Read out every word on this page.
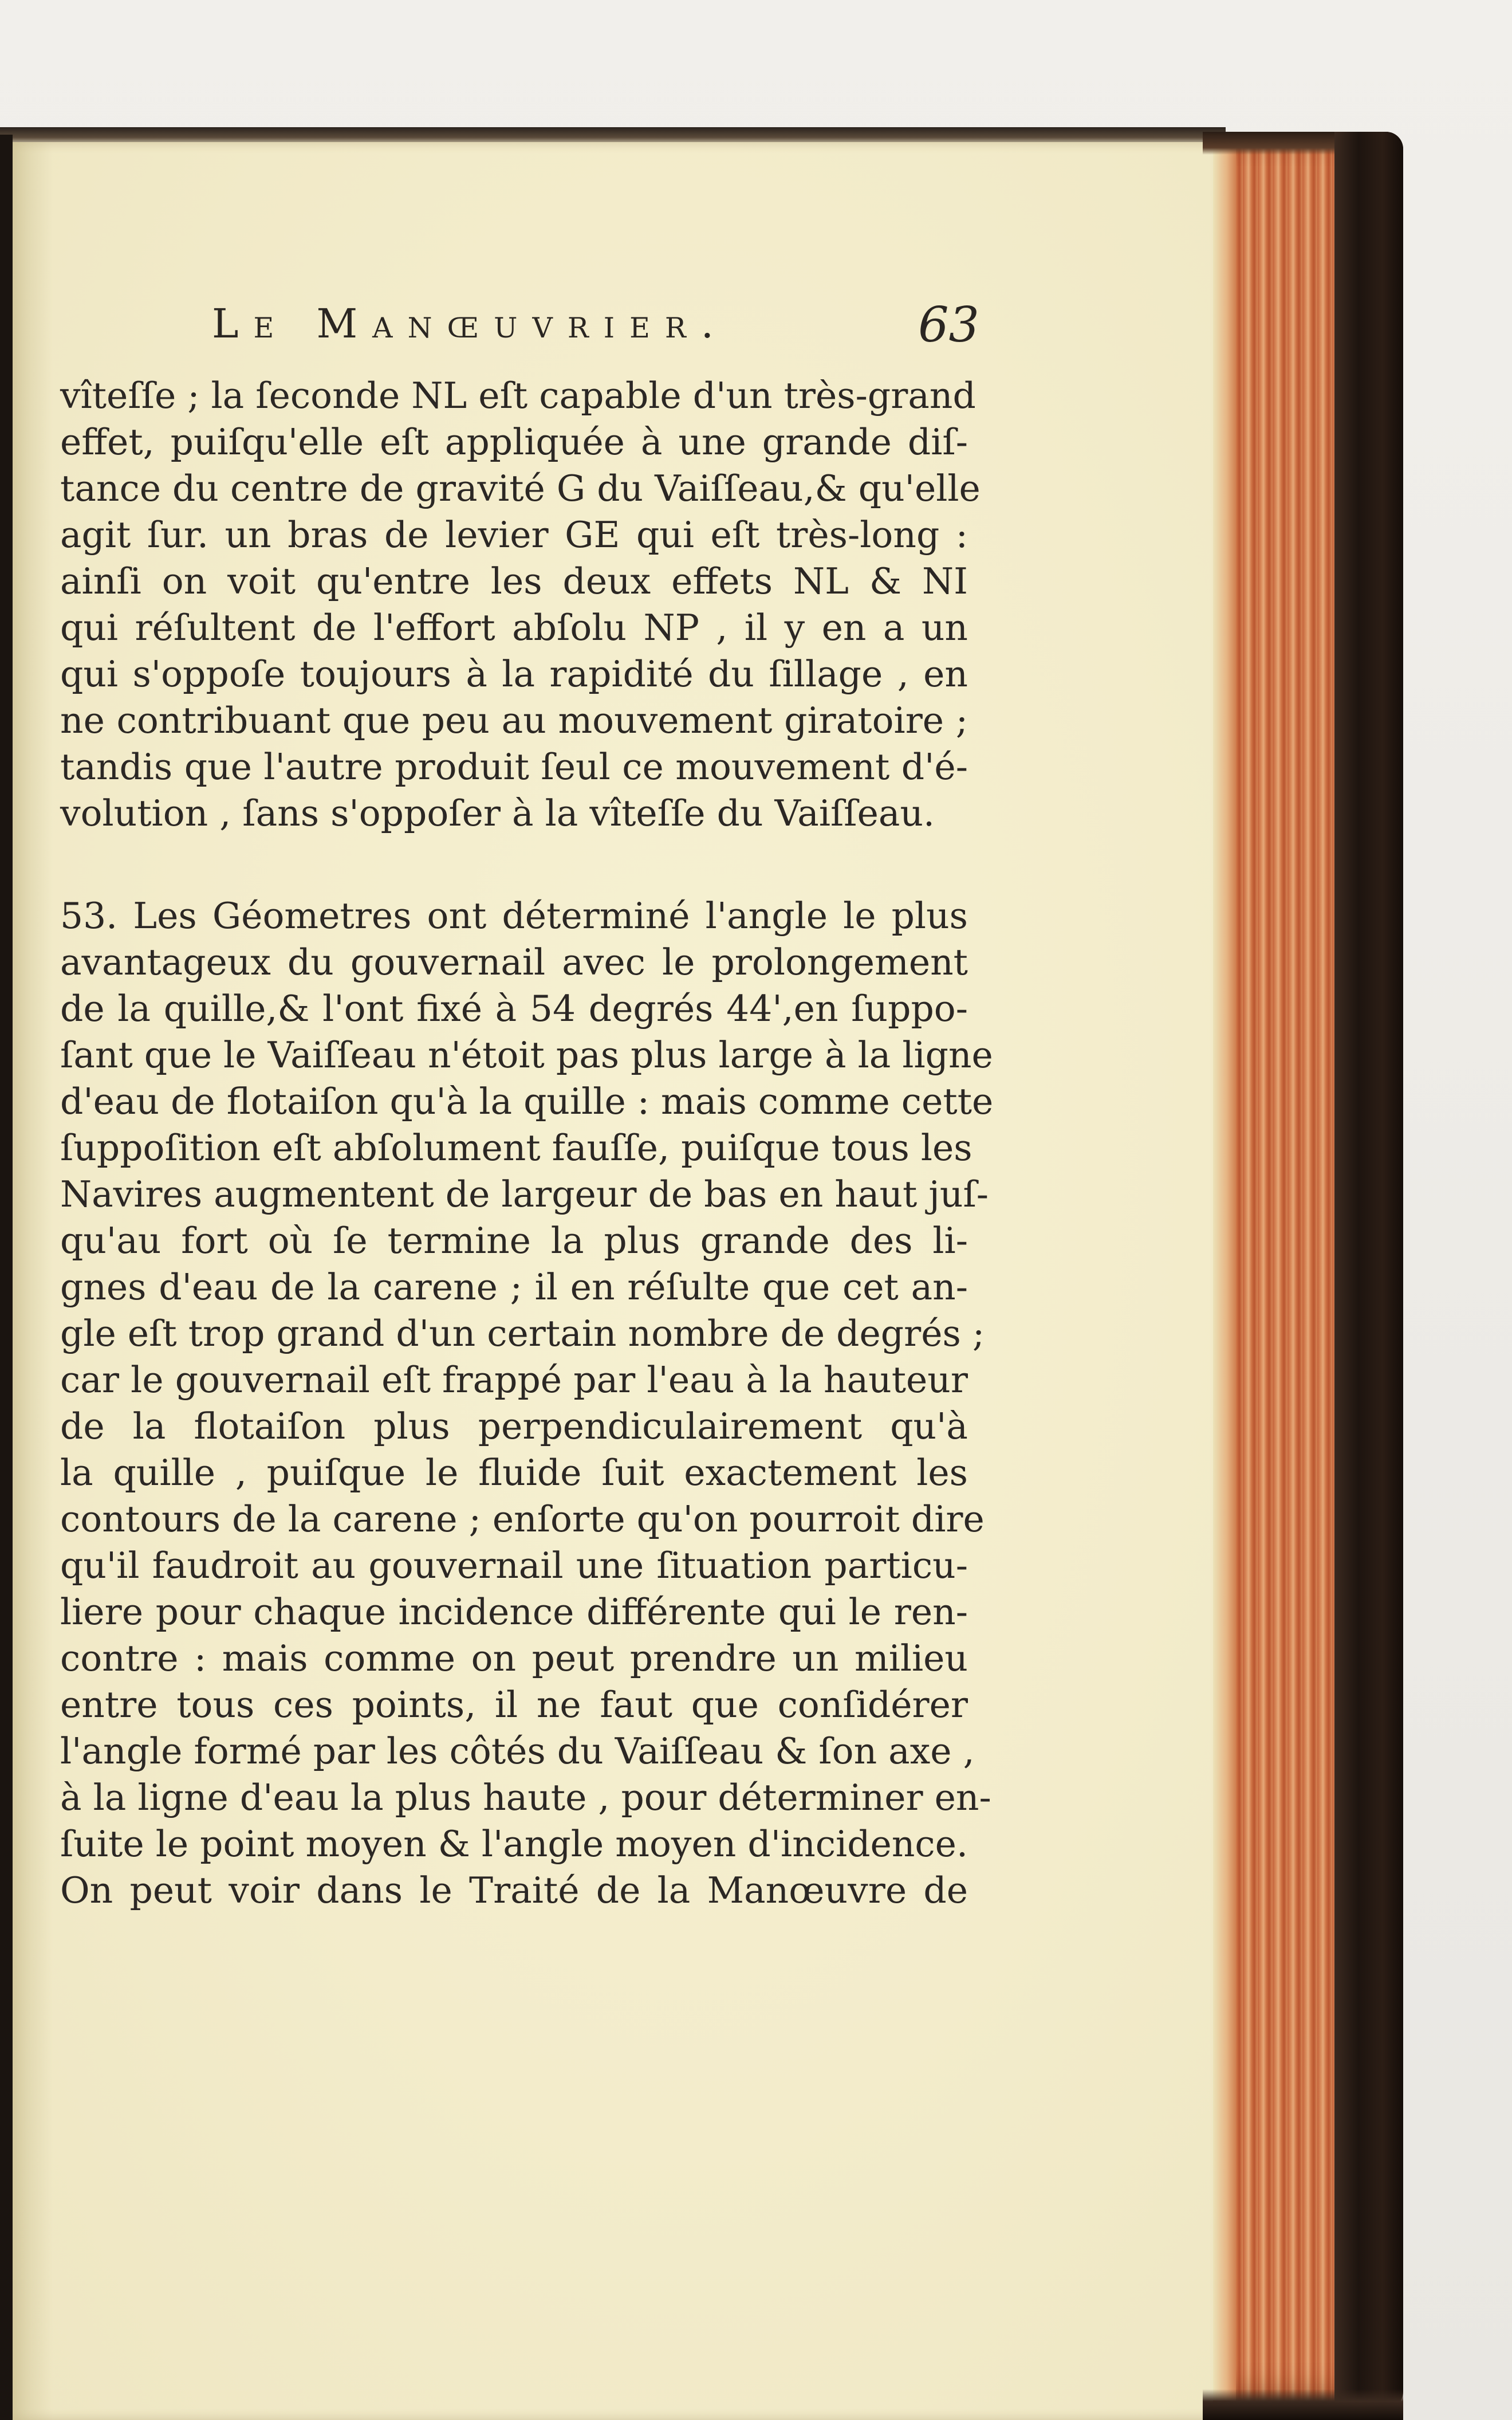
Le Manœuvrier.	63
vîteſſe ; la ſeconde NL eſt capable d'un très-grand
effet, puiſqu'elle eſt appliquée à une grande diſ-
tance du centre de gravité G du Vaiſſeau,& qu'elle
agit ſur. un bras de levier GE qui eſt très-long :
ainſi on voit qu'entre les deux effets NL & NI
qui réſultent de l'effort abſolu NP , il y en a un
qui s'oppoſe toujours à la rapidité du ſillage , en
ne contribuant que peu au mouvement giratoire ;
tandis que l'autre produit ſeul ce mouvement d'é-
volution , ſans s'oppoſer à la vîteſſe du Vaiſſeau.
53. Les Géometres ont déterminé l'angle le plus
avantageux du gouvernail avec le prolongement
de la quille,& l'ont fixé à 54 degrés 44',en ſuppo-
ſant que le Vaiſſeau n'étoit pas plus large à la ligne
d'eau de flotaiſon qu'à la quille : mais comme cette
ſuppoſition eſt abſolument fauſſe, puiſque tous les
Navires augmentent de largeur de bas en haut juſ-
qu'au fort où ſe termine la plus grande des li-
gnes d'eau de la carene ; il en réſulte que cet an-
gle eſt trop grand d'un certain nombre de degrés ;
car le gouvernail eſt frappé par l'eau à la hauteur
de la flotaiſon plus perpendiculairement qu'à
la quille , puiſque le fluide ſuit exactement les
contours de la carene ; enſorte qu'on pourroit dire
qu'il faudroit au gouvernail une ſituation particu-
liere pour chaque incidence différente qui le ren-
contre : mais comme on peut prendre un milieu
entre tous ces points, il ne faut que conſidérer
l'angle formé par les côtés du Vaiſſeau & ſon axe ,
à la ligne d'eau la plus haute , pour déterminer en-
ſuite le point moyen & l'angle moyen d'incidence.
On peut voir dans le Traité de la Manœuvre de
